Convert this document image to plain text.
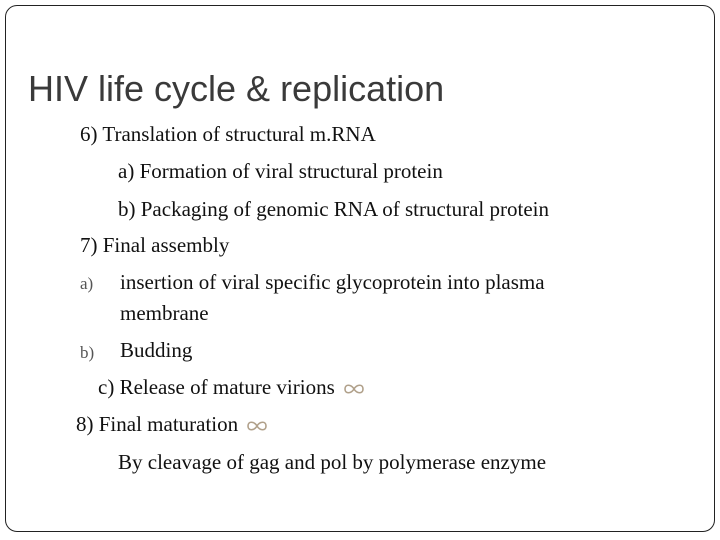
HIV life cycle & replication
6) Translation of structural m.RNA
a) Formation of viral structural protein
b) Packaging of genomic RNA of structural protein
7) Final assembly
a) insertion of viral specific glycoprotein into plasma
membrane
b) Budding
c) Release of mature virions
8) Final maturation
By cleavage of gag and pol by polymerase enzyme
